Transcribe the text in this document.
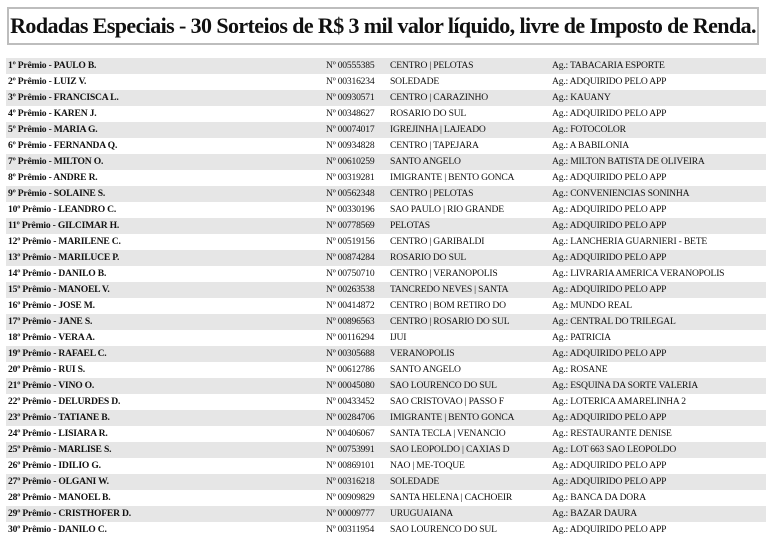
Rodadas Especiais - 30 Sorteios de R$ 3 mil valor líquido, livre de Imposto de Renda.
1º Prêmio - PAULO B.	Nº 00555385	CENTRO | PELOTAS	Ag.: TABACARIA ESPORTE
2º Prêmio - LUIZ V.	Nº 00316234	SOLEDADE	Ag.: ADQUIRIDO PELO APP
3º Prêmio - FRANCISCA L.	Nº 00930571	CENTRO | CARAZINHO	Ag.: KAUANY
4º Prêmio - KAREN J.	Nº 00348627	ROSARIO DO SUL	Ag.: ADQUIRIDO PELO APP
5º Prêmio - MARIA G.	Nº 00074017	IGREJINHA | LAJEADO	Ag.: FOTOCOLOR
6º Prêmio - FERNANDA Q.	Nº 00934828	CENTRO | TAPEJARA	Ag.: A BABILONIA
7º Prêmio - MILTON O.	Nº 00610259	SANTO ANGELO	Ag.: MILTON BATISTA DE OLIVEIRA
8º Prêmio - ANDRE R.	Nº 00319281	IMIGRANTE | BENTO GONCA	Ag.: ADQUIRIDO PELO APP
9º Prêmio - SOLAINE S.	Nº 00562348	CENTRO | PELOTAS	Ag.: CONVENIENCIAS SONINHA
10º Prêmio - LEANDRO C.	Nº 00330196	SAO PAULO | RIO GRANDE	Ag.: ADQUIRIDO PELO APP
11º Prêmio - GILCIMAR H.	Nº 00778569	PELOTAS	Ag.: ADQUIRIDO PELO APP
12º Prêmio - MARILENE C.	Nº 00519156	CENTRO | GARIBALDI	Ag.: LANCHERIA GUARNIERI - BETE
13º Prêmio - MARILUCE P.	Nº 00874284	ROSARIO DO SUL	Ag.: ADQUIRIDO PELO APP
14º Prêmio - DANILO B.	Nº 00750710	CENTRO | VERANOPOLIS	Ag.: LIVRARIA AMERICA VERANOPOLIS
15º Prêmio - MANOEL V.	Nº 00263538	TANCREDO NEVES | SANTA	Ag.: ADQUIRIDO PELO APP
16º Prêmio - JOSE M.	Nº 00414872	CENTRO | BOM RETIRO DO	Ag.: MUNDO REAL
17º Prêmio - JANE S.	Nº 00896563	CENTRO | ROSARIO DO SUL	Ag.: CENTRAL DO TRILEGAL
18º Prêmio - VERA A.	Nº 00116294	IJUI	Ag.: PATRICIA
19º Prêmio - RAFAEL C.	Nº 00305688	VERANOPOLIS	Ag.: ADQUIRIDO PELO APP
20º Prêmio - RUI S.	Nº 00612786	SANTO ANGELO	Ag.: ROSANE
21º Prêmio - VINO O.	Nº 00045080	SAO LOURENCO DO SUL	Ag.: ESQUINA DA SORTE VALERIA
22º Prêmio - DELURDES D.	Nº 00433452	SAO CRISTOVAO | PASSO F	Ag.: LOTERICA AMARELINHA 2
23º Prêmio - TATIANE B.	Nº 00284706	IMIGRANTE | BENTO GONCA	Ag.: ADQUIRIDO PELO APP
24º Prêmio - LISIARA R.	Nº 00406067	SANTA TECLA | VENANCIO	Ag.: RESTAURANTE DENISE
25º Prêmio - MARLISE S.	Nº 00753991	SAO LEOPOLDO | CAXIAS D	Ag.: LOT 663 SAO LEOPOLDO
26º Prêmio - IDILIO G.	Nº 00869101	NAO | ME-TOQUE	Ag.: ADQUIRIDO PELO APP
27º Prêmio - OLGANI W.	Nº 00316218	SOLEDADE	Ag.: ADQUIRIDO PELO APP
28º Prêmio - MANOEL B.	Nº 00909829	SANTA HELENA | CACHOEIR	Ag.: BANCA DA DORA
29º Prêmio - CRISTHOFER D.	Nº 00009777	URUGUAIANA	Ag.: BAZAR DAURA
30º Prêmio - DANILO C.	Nº 00311954	SAO LOURENCO DO SUL	Ag.: ADQUIRIDO PELO APP
